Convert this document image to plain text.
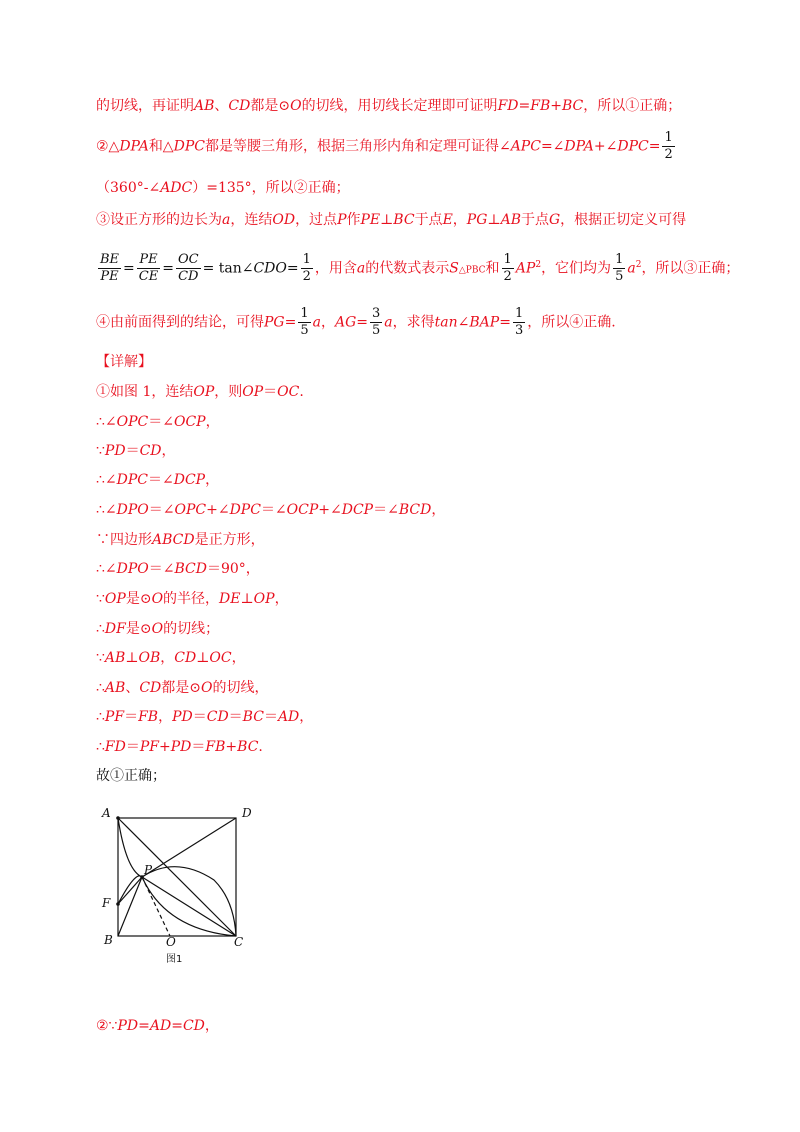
的切线，再证明AB、CD都是⊙O的切线，用切线长定理即可证明FD=FB+BC，所以①正确；
②△DPA和△DPC都是等腰三角形，根据三角形内角和定理可证得∠APC=∠DPA+∠DPC= $\frac{1}{2}$
（360°-∠ADC）=135°，所以②正确；
③设正方形的边长为a，连结OD，过点P作PE⊥BC于点E，PG⊥AB于点G，根据正切定义可得
$\frac{BE}{PE} = \frac{PE}{CE} = \frac{OC}{CD}$ = tan∠CDO= $\frac{1}{2}$ ，用含a的代数式表示S△PBC和 $\frac{1}{2} AP^2$，它们均为 $\frac{1}{5} a^2$，所以③正确；
④由前面得到的结论，可得$PG= \frac{1}{5}$ a，$AG= \frac{3}{5}$ a，求得tan∠BAP= $\frac{1}{3}$ ，所以④正确.
【详解】
①如图 1，连结OP，则OP＝OC.
∴∠OPC＝∠OCP，
∵PD＝CD，
∴∠DPC＝∠DCP，
∴∠DPO＝∠OPC+∠DPC＝∠OCP+∠DCP＝∠BCD，
∵四边形ABCD是正方形，
∴∠DPO＝∠BCD＝90°，
∵OP是⊙O的半径，DE⊥OP，
∴DF是⊙O的切线；
∵AB⊥OB，CD⊥OC，
∴AB、CD都是⊙O的切线，
∴PF＝FB，PD＝CD＝BC＝AD，
∴FD＝PF+PD＝FB+BC.
故①正确；
A	D
P
F
B	O	C
图1
②∵PD=AD=CD，
